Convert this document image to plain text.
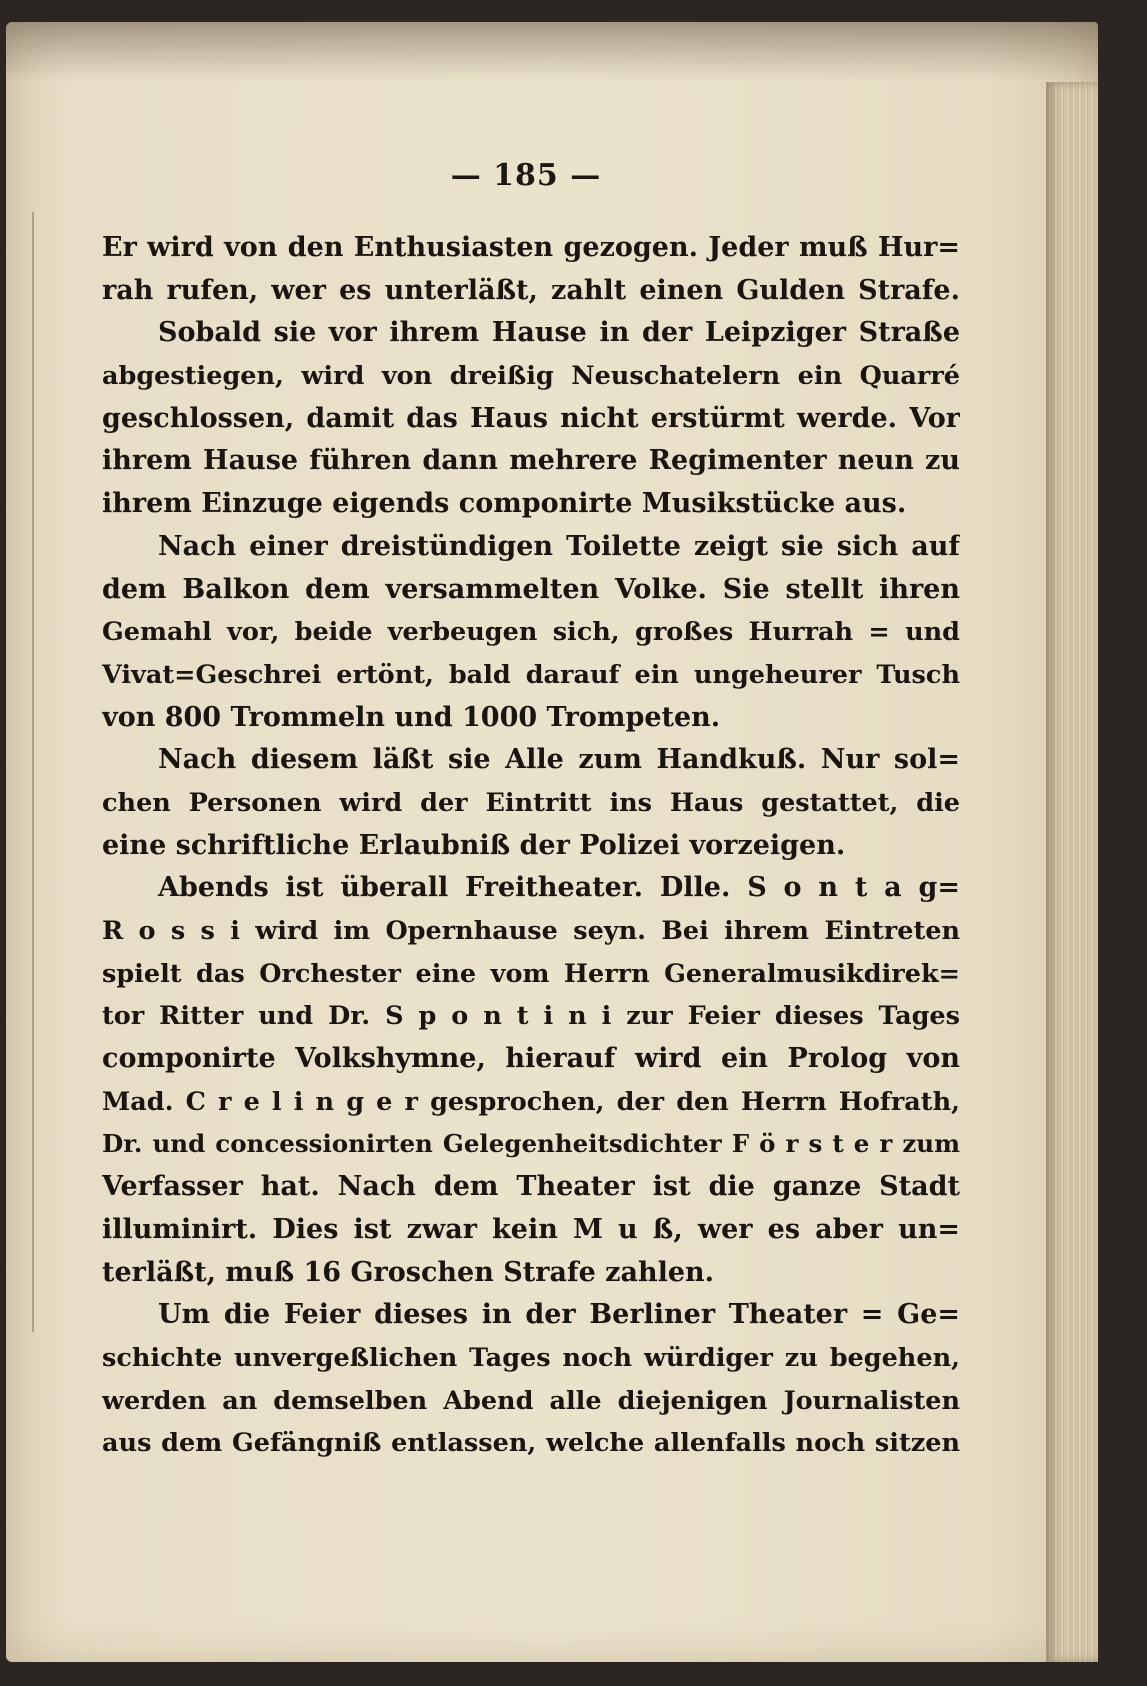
— 185 —
Er wird von den Enthusiasten gezogen. Jeder muß Hur=
rah rufen, wer es unterläßt, zahlt einen Gulden Strafe.
Sobald sie vor ihrem Hause in der Leipziger Straße
abgestiegen, wird von dreißig Neuschatelern ein Quarré
geschlossen, damit das Haus nicht erstürmt werde. Vor
ihrem Hause führen dann mehrere Regimenter neun zu
ihrem Einzuge eigends componirte Musikstücke aus.
Nach einer dreistündigen Toilette zeigt sie sich auf
dem Balkon dem versammelten Volke. Sie stellt ihren
Gemahl vor, beide verbeugen sich, großes Hurrah = und
Vivat=Geschrei ertönt, bald darauf ein ungeheurer Tusch
von 800 Trommeln und 1000 Trompeten.
Nach diesem läßt sie Alle zum Handkuß. Nur sol=
chen Personen wird der Eintritt ins Haus gestattet, die
eine schriftliche Erlaubniß der Polizei vorzeigen.
Abends ist überall Freitheater. Dlle. S o n t a g=
R o s s i wird im Opernhause seyn. Bei ihrem Eintreten
spielt das Orchester eine vom Herrn Generalmusikdirek=
tor Ritter und Dr. S p o n t i n i zur Feier dieses Tages
componirte Volkshymne, hierauf wird ein Prolog von
Mad. C r e l i n g e r gesprochen, der den Herrn Hofrath,
Dr. und concessionirten Gelegenheitsdichter F ö r s t e r zum
Verfasser hat. Nach dem Theater ist die ganze Stadt
illuminirt. Dies ist zwar kein M u ß, wer es aber un=
terläßt, muß 16 Groschen Strafe zahlen.
Um die Feier dieses in der Berliner Theater = Ge=
schichte unvergeßlichen Tages noch würdiger zu begehen,
werden an demselben Abend alle diejenigen Journalisten
aus dem Gefängniß entlassen, welche allenfalls noch sitzen
